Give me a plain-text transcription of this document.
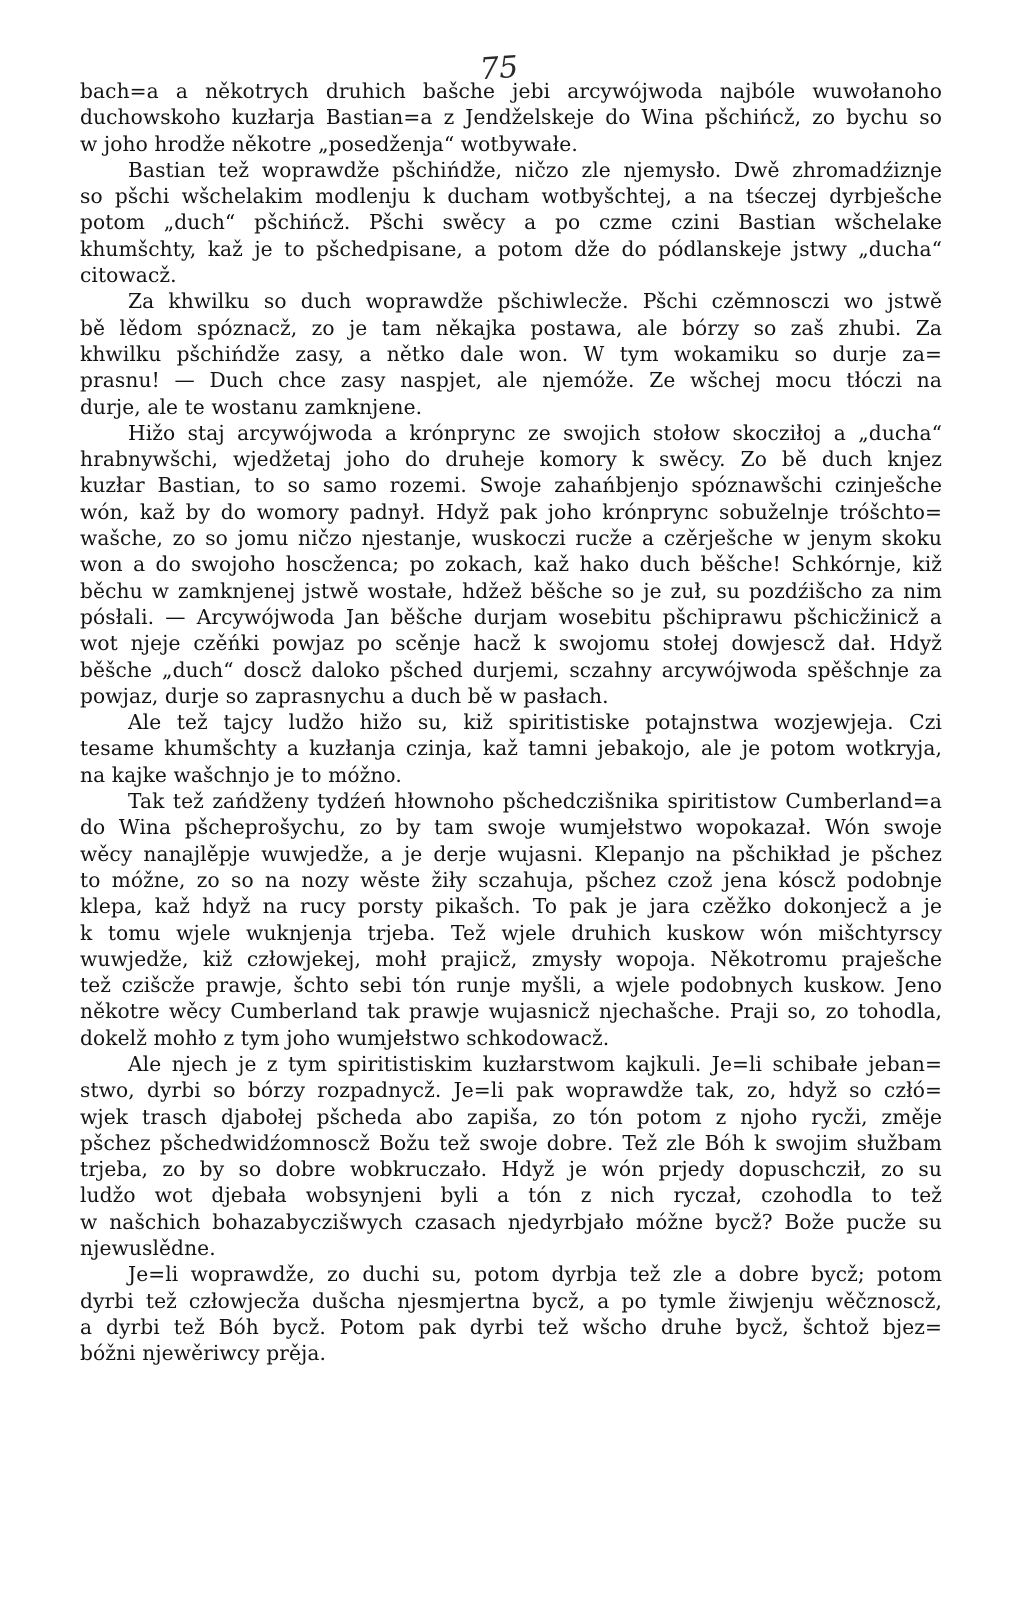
75
bach=a a někotrych druhich bašche jebi arcywójwoda najbóle wuwołanoho
duchowskoho kuzłarja Bastian=a z Jendželskeje do Wina pšchińcž, zo bychu so
w joho hrodže někotre „posedženja“ wotbywałe.
Bastian tež woprawdže pšchińdže, ničzo zle njemysło. Dwě zhromadźiznje
so pšchi wšchelakim modlenju k ducham wotbyšchtej, a na tśeczej dyrbješche
potom „duch“ pšchińcž. Pšchi swěcy a po czme czini Bastian wšchelake
khumšchty, kaž je to pšchedpisane, a potom dže do pódlanskeje jstwy „ducha“
citowacž.
Za khwilku so duch woprawdže pšchiwlecže. Pšchi czěmnosczi wo jstwě
bě lědom spóznacž, zo je tam někajka postawa, ale bórzy so zaš zhubi. Za
khwilku pšchińdže zasy, a nětko dale won. W tym wokamiku so durje za=
prasnu! — Duch chce zasy naspjet, ale njemóže. Ze wšchej mocu tłóczi na
durje, ale te wostanu zamknjene.
Hižo staj arcywójwoda a krónprync ze swojich stołow skocziłoj a „ducha“
hrabnywšchi, wjedžetaj joho do druheje komory k swěcy. Zo bě duch knjez
kuzłar Bastian, to so samo rozemi. Swoje zahańbjenjo spóznawšchi czinješche
wón, kaž by do womory padnył. Hdyž pak joho krónprync sobuželnje tróšchto=
wašche, zo so jomu ničzo njestanje, wuskoczi rucže a czěrješche w jenym skoku
won a do swojoho hoscženca; po zokach, kaž hako duch běšche! Schkórnje, kiž
běchu w zamknjenej jstwě wostałe, hdžež běšche so je zuł, su pozdźišcho za nim
pósłali. — Arcywójwoda Jan běšche durjam wosebitu pšchiprawu pšchicžinicž a
wot njeje czěńki powjaz po scěnje hacž k swojomu stołej dowjescž dał. Hdyž
běšche „duch“ doscž daloko pšched durjemi, sczahny arcywójwoda spěšchnje za
powjaz, durje so zaprasnychu a duch bě w pasłach.
Ale tež tajcy ludžo hižo su, kiž spiritistiske potajnstwa wozjewjeja. Czi
tesame khumšchty a kuzłanja czinja, kaž tamni jebakojo, ale je potom wotkryja,
na kajke wašchnjo je to móžno.
Tak tež zańdženy tydźeń hłownoho pšchedczišnika spiritistow Cumberland=a
do Wina pšcheprošychu, zo by tam swoje wumjełstwo wopokazał. Wón swoje
wěcy nanajlěpje wuwjedže, a je derje wujasni. Klepanjo na pšchikład je pšchez
to móžne, zo so na nozy wěste žiły sczahuja, pšchez czož jena kóscž podobnje
klepa, kaž hdyž na rucy porsty pikašch. To pak je jara czěžko dokonjecž a je
k tomu wjele wuknjenja trjeba. Tež wjele druhich kuskow wón mišchtyrscy
wuwjedže, kiž człowjekej, mohł prajicž, zmysły wopoja. Někotromu praješche
tež czišcže prawje, šchto sebi tón runje myšli, a wjele podobnych kuskow. Jeno
někotre wěcy Cumberland tak prawje wujasnicž njechašche. Praji so, zo tohodla,
dokelž mohło z tym joho wumjełstwo schkodowacž.
Ale njech je z tym spiritistiskim kuzłarstwom kajkuli. Je=li schibałe jeban=
stwo, dyrbi so bórzy rozpadnycž. Je=li pak woprawdže tak, zo, hdyž so człó=
wjek trasch djabołej pšcheda abo zapiša, zo tón potom z njoho rycži, změje
pšchez pšchedwidźomnoscž Božu tež swoje dobre. Tež zle Bóh k swojim słužbam
trjeba, zo by so dobre wobkruczało. Hdyž je wón prjedy dopuschcził, zo su
ludžo wot djebała wobsynjeni byli a tón z nich ryczał, czohodla to tež
w našchich bohazabyczišwych czasach njedyrbjało móžne bycž? Bože pucže su
njewuslědne.
Je=li woprawdže, zo duchi su, potom dyrbja tež zle a dobre bycž; potom
dyrbi tež człowjecža dušcha njesmjertna bycž, a po tymle žiwjenju wěčznoscž,
a dyrbi tež Bóh bycž. Potom pak dyrbi tež wšcho druhe bycž, šchtož bjez=
bóžni njewěriwcy prěja.
